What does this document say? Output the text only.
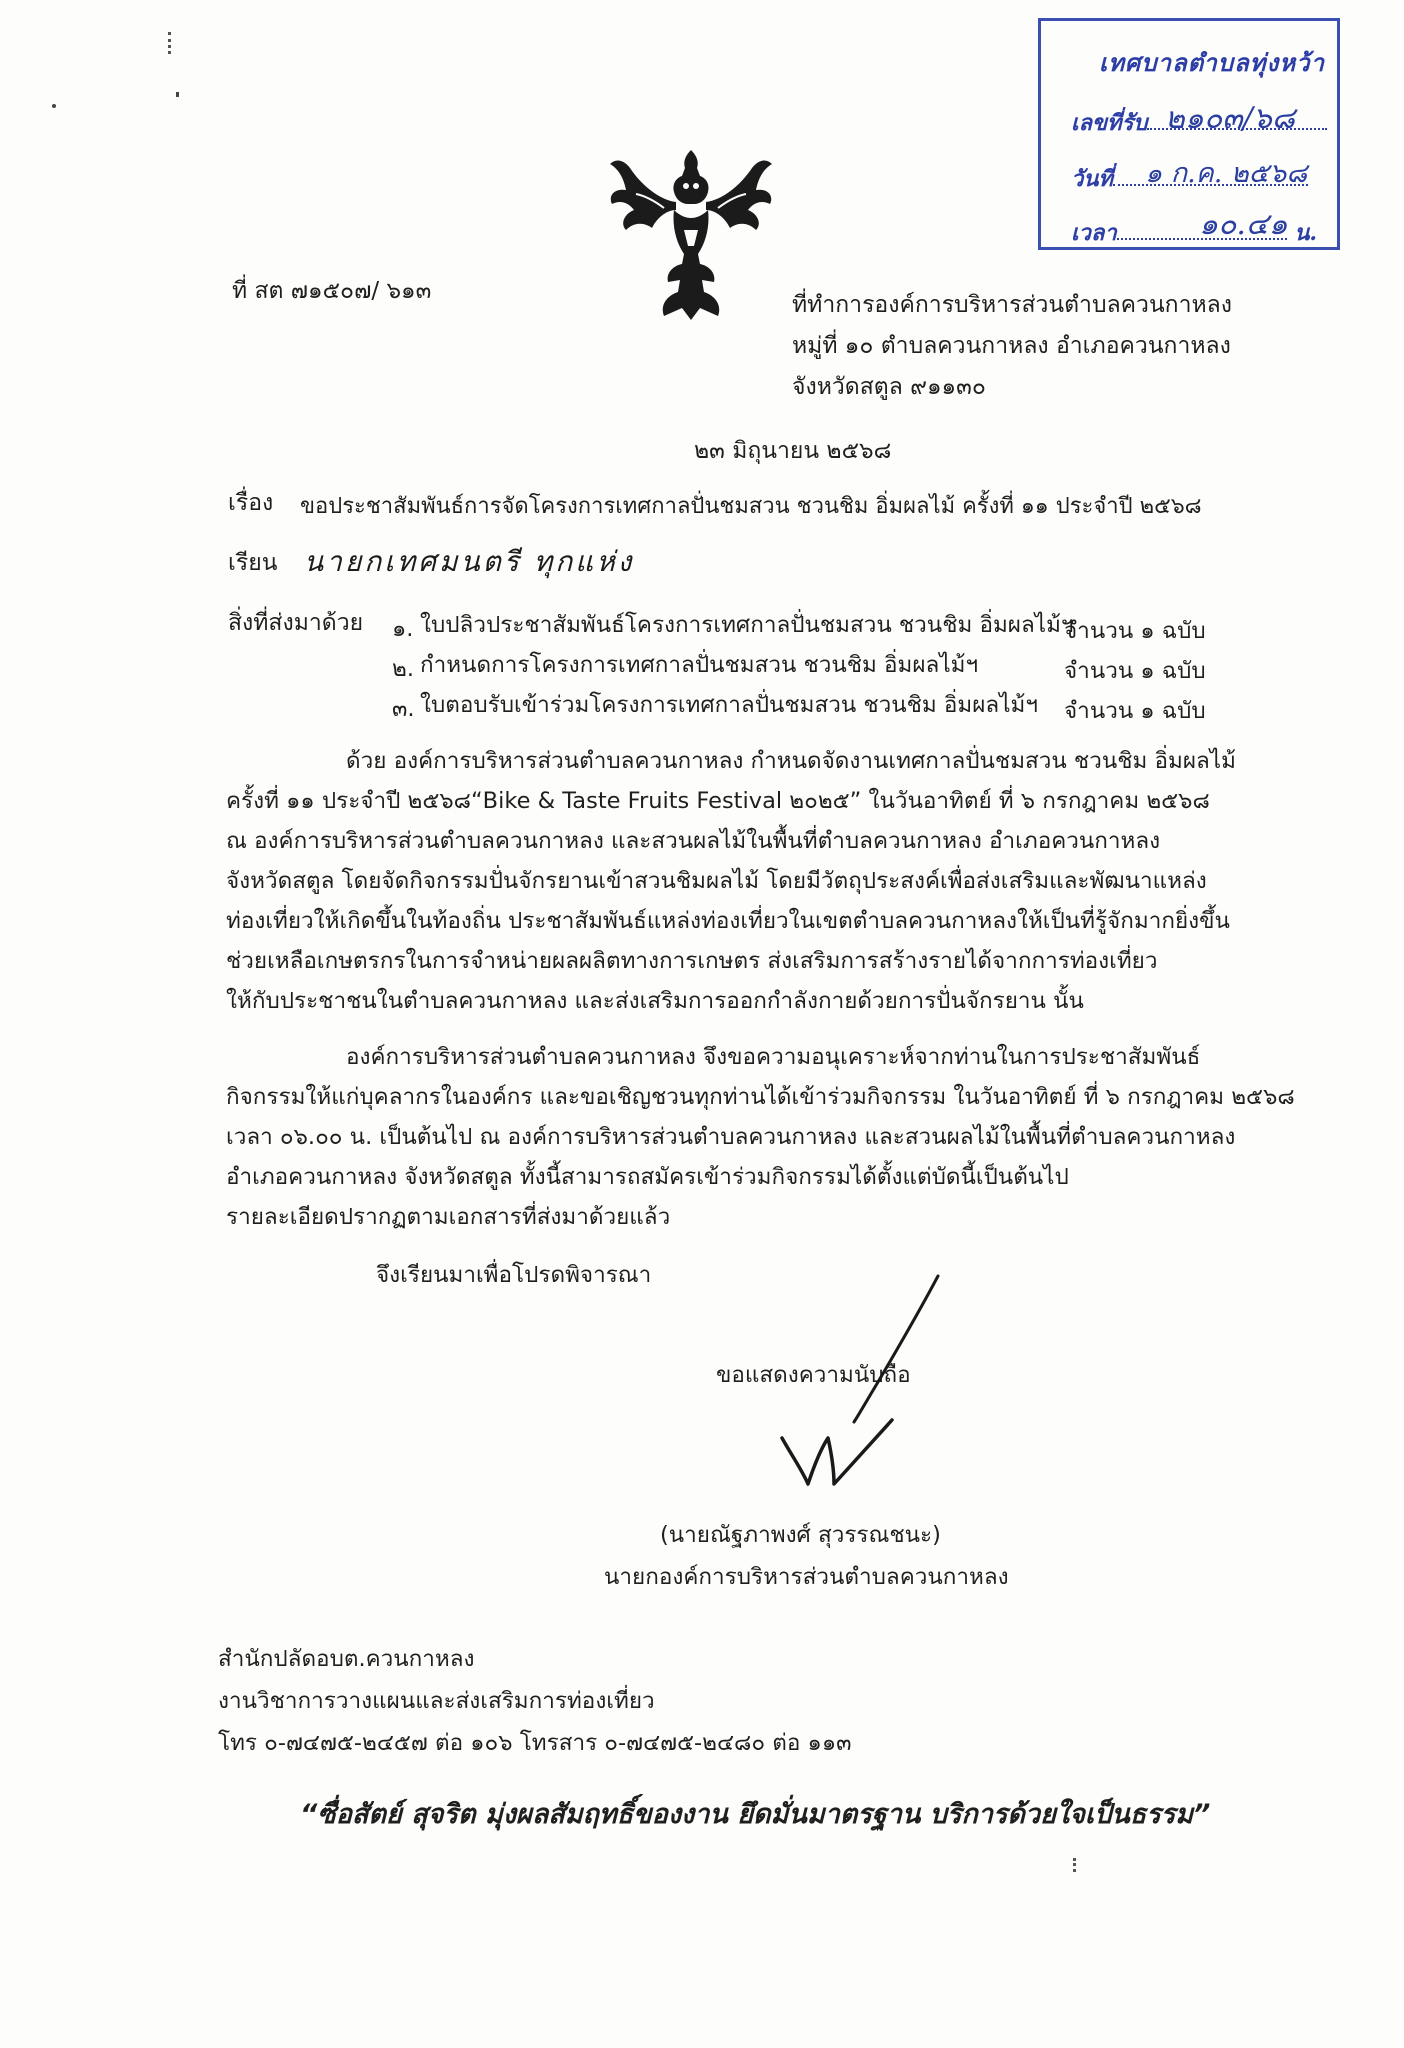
เทศบาลตำบลทุ่งหว้า
เลขที่รับ
วันที่
เวลา	น.
๒๑๐๓/๖๘
๑ ก.ค. ๒๕๖๘
๑๐.๔๑
ที่ สต ๗๑๕๐๗/ ๖๑๓
ที่ทำการองค์การบริหารส่วนตำบลควนกาหลง
หมู่ที่ ๑๐ ตำบลควนกาหลง อำเภอควนกาหลง
จังหวัดสตูล ๙๑๑๓๐
๒๓ มิถุนายน ๒๕๖๘
เรื่อง ขอประชาสัมพันธ์การจัดโครงการเทศกาลปั่นชมสวน ชวนชิม อิ่มผลไม้ ครั้งที่ ๑๑ ประจำปี ๒๕๖๘
เรียน นายกเทศมนตรี ทุกแห่ง
สิ่งที่ส่งมาด้วย ๑. ใบปลิวประชาสัมพันธ์โครงการเทศกาลปั่นชมสวน ชวนชิม อิ่มผลไม้ฯ
จำนวน ๑ ฉบับ
๒. กำหนดการโครงการเทศกาลปั่นชมสวน ชวนชิม อิ่มผลไม้ฯ	จำนวน ๑ ฉบับ
๓. ใบตอบรับเข้าร่วมโครงการเทศกาลปั่นชมสวน ชวนชิม อิ่มผลไม้ฯ จำนวน ๑ ฉบับ
ด้วย องค์การบริหารส่วนตำบลควนกาหลง กำหนดจัดงานเทศกาลปั่นชมสวน ชวนชิม อิ่มผลไม้
ครั้งที่ ๑๑ ประจำปี ๒๕๖๘“Bike & Taste Fruits Festival ๒๐๒๕” ในวันอาทิตย์ ที่ ๖ กรกฎาคม ๒๕๖๘
ณ องค์การบริหารส่วนตำบลควนกาหลง และสวนผลไม้ในพื้นที่ตำบลควนกาหลง อำเภอควนกาหลง
จังหวัดสตูล โดยจัดกิจกรรมปั่นจักรยานเข้าสวนชิมผลไม้ โดยมีวัตถุประสงค์เพื่อส่งเสริมและพัฒนาแหล่ง
ท่องเที่ยวให้เกิดขึ้นในท้องถิ่น ประชาสัมพันธ์แหล่งท่องเที่ยวในเขตตำบลควนกาหลงให้เป็นที่รู้จักมากยิ่งขึ้น
ช่วยเหลือเกษตรกรในการจำหน่ายผลผลิตทางการเกษตร ส่งเสริมการสร้างรายได้จากการท่องเที่ยว
ให้กับประชาชนในตำบลควนกาหลง และส่งเสริมการออกกำลังกายด้วยการปั่นจักรยาน นั้น
องค์การบริหารส่วนตำบลควนกาหลง จึงขอความอนุเคราะห์จากท่านในการประชาสัมพันธ์
กิจกรรมให้แก่บุคลากรในองค์กร และขอเชิญชวนทุกท่านได้เข้าร่วมกิจกรรม ในวันอาทิตย์ ที่ ๖ กรกฎาคม ๒๕๖๘
เวลา ๐๖.๐๐ น. เป็นต้นไป ณ องค์การบริหารส่วนตำบลควนกาหลง และสวนผลไม้ในพื้นที่ตำบลควนกาหลง
อำเภอควนกาหลง จังหวัดสตูล ทั้งนี้สามารถสมัครเข้าร่วมกิจกรรมได้ตั้งแต่บัดนี้เป็นต้นไป
รายละเอียดปรากฏตามเอกสารที่ส่งมาด้วยแล้ว
จึงเรียนมาเพื่อโปรดพิจารณา
ขอแสดงความนับถือ
(นายณัฐภาพงศ์ สุวรรณชนะ)
นายกองค์การบริหารส่วนตำบลควนกาหลง
สำนักปลัดอบต.ควนกาหลง
งานวิชาการวางแผนและส่งเสริมการท่องเที่ยว
โทร ๐-๗๔๗๕-๒๔๕๗ ต่อ ๑๐๖ โทรสาร ๐-๗๔๗๕-๒๔๘๐ ต่อ ๑๑๓
“ซื่อสัตย์ สุจริต มุ่งผลสัมฤทธิ์ของงาน ยึดมั่นมาตรฐาน บริการด้วยใจเป็นธรรม”
